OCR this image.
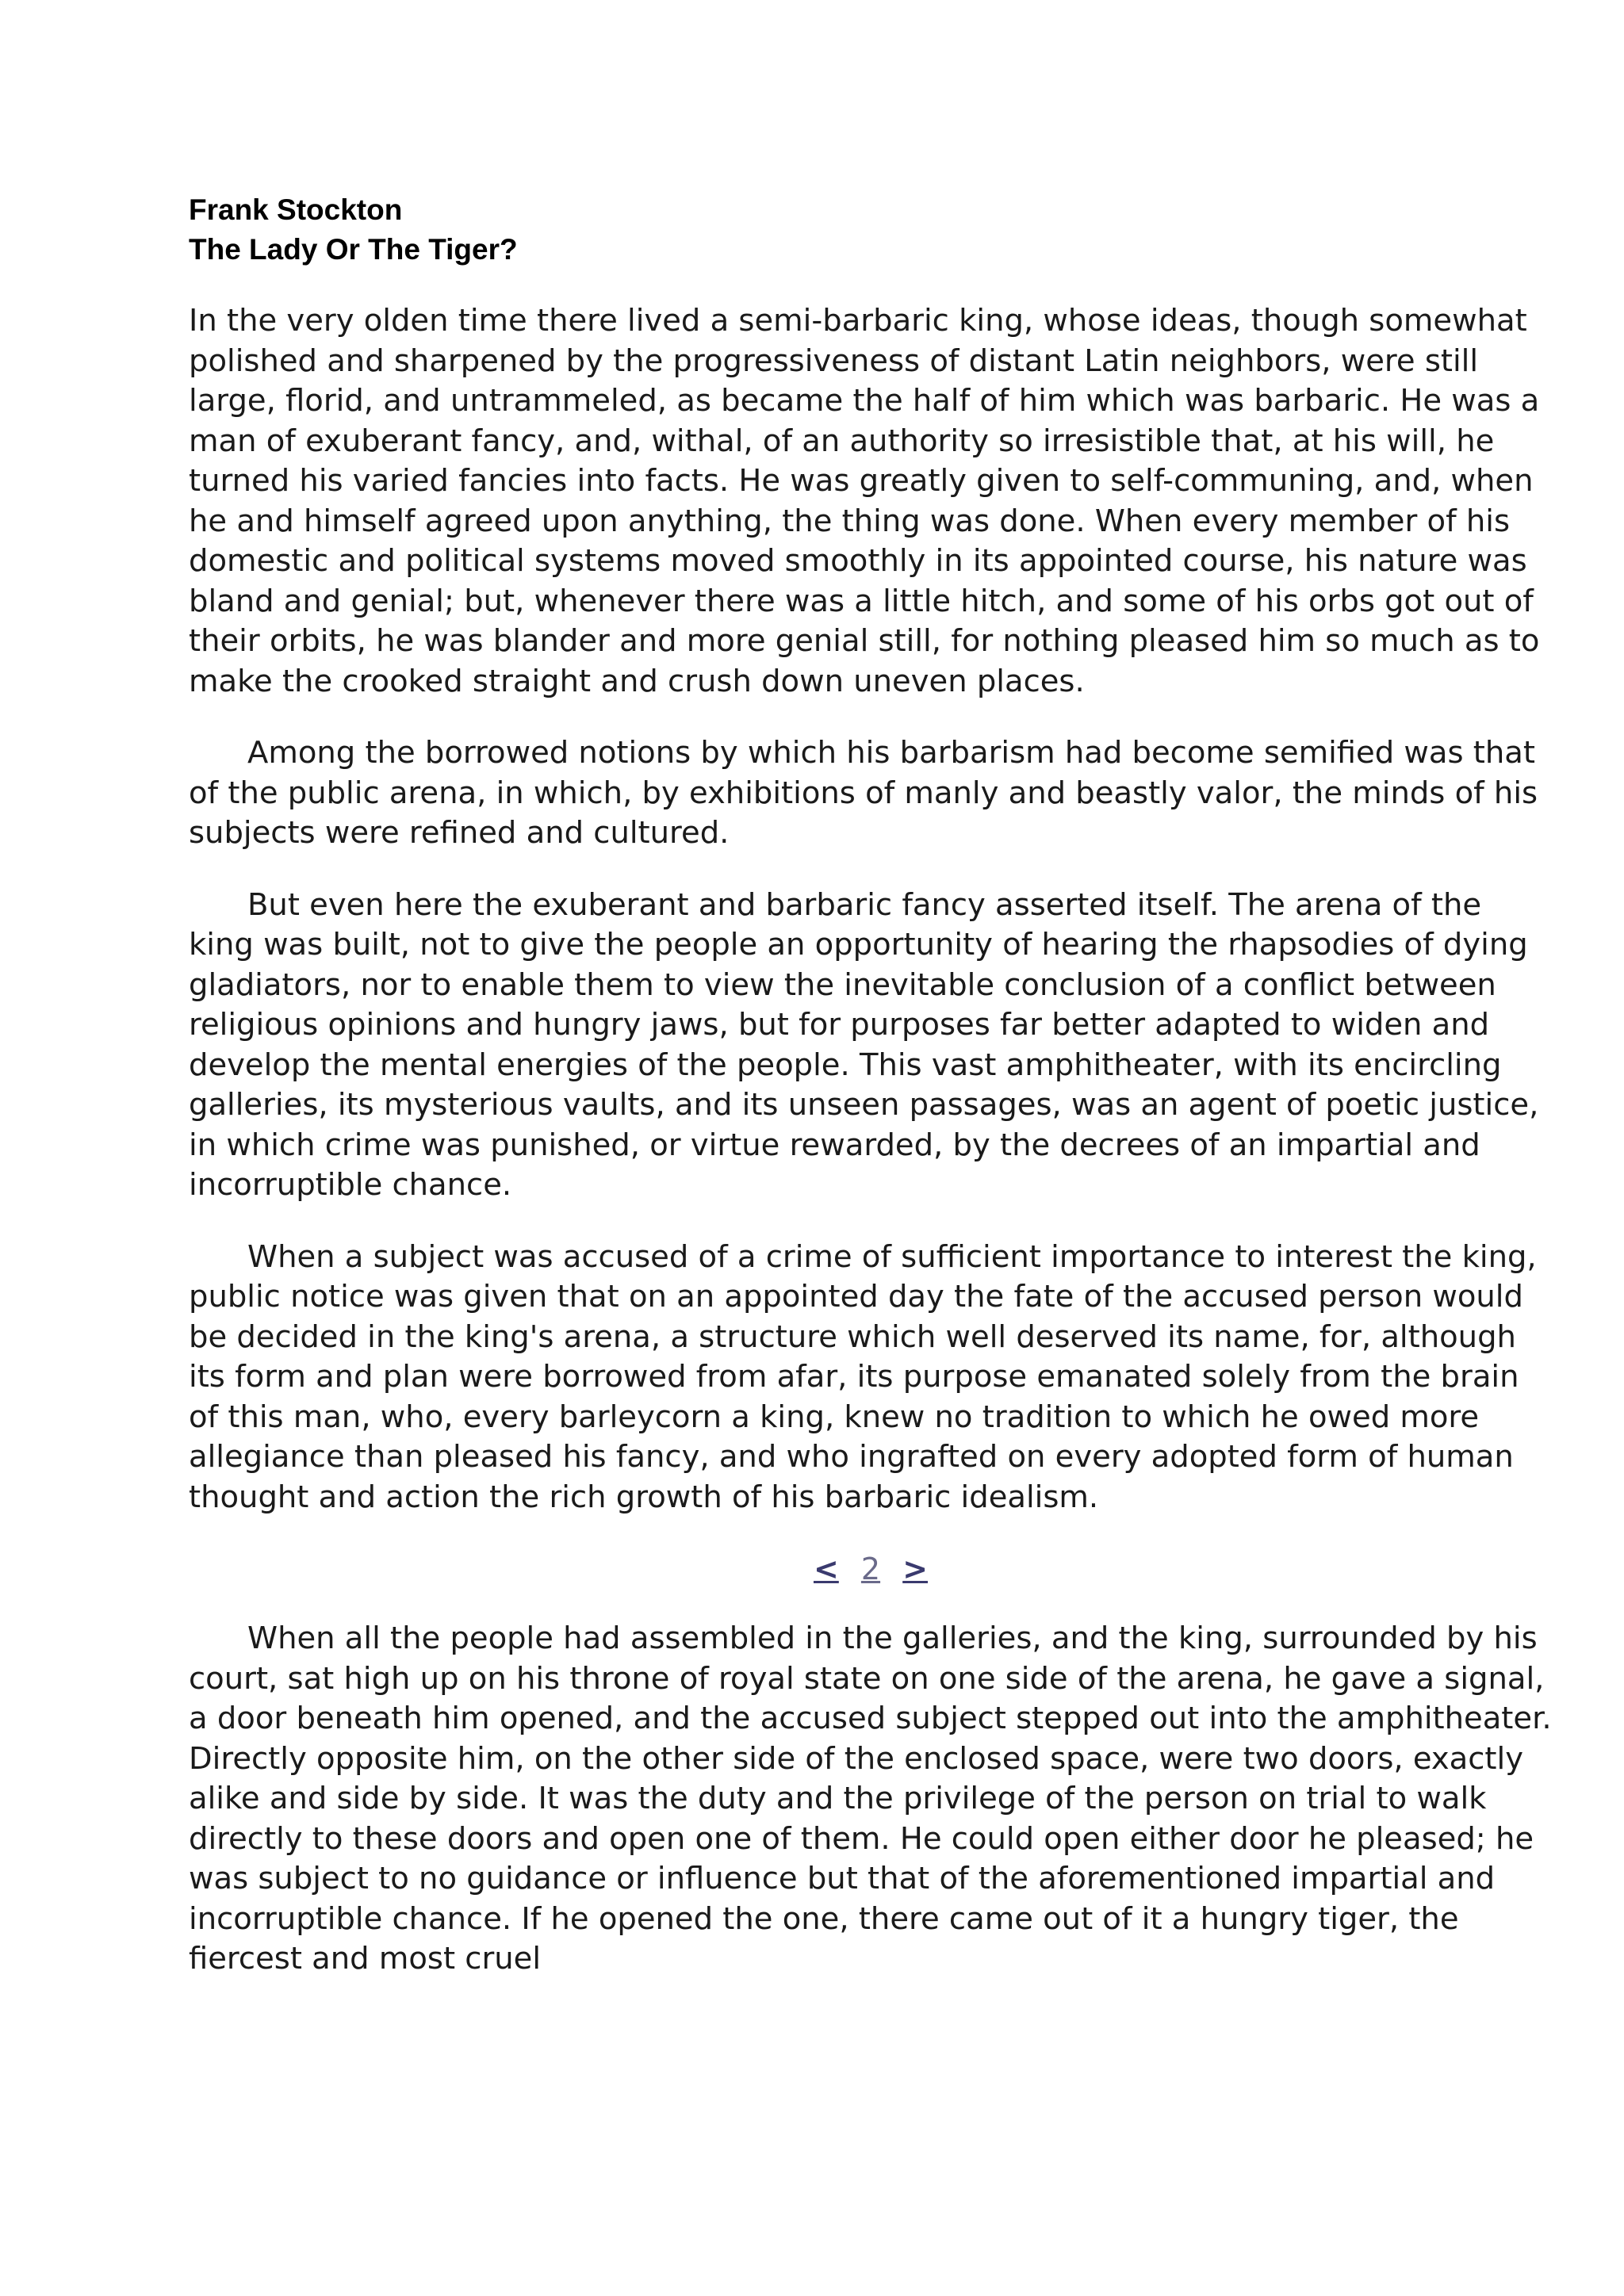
Frank Stockton
The Lady Or The Tiger?

In the very olden time there lived a semi-barbaric king, whose ideas, though somewhat polished and sharpened by the progressiveness of distant Latin neighbors, were still large, florid, and untrammeled, as became the half of him which was barbaric. He was a man of exuberant fancy, and, withal, of an authority so irresistible that, at his will, he turned his varied fancies into facts. He was greatly given to self-communing, and, when he and himself agreed upon anything, the thing was done. When every member of his domestic and political systems moved smoothly in its appointed course, his nature was bland and genial; but, whenever there was a little hitch, and some of his orbs got out of their orbits, he was blander and more genial still, for nothing pleased him so much as to make the crooked straight and crush down uneven places.

Among the borrowed notions by which his barbarism had become semified was that of the public arena, in which, by exhibitions of manly and beastly valor, the minds of his subjects were refined and cultured.

But even here the exuberant and barbaric fancy asserted itself. The arena of the king was built, not to give the people an opportunity of hearing the rhapsodies of dying gladiators, nor to enable them to view the inevitable conclusion of a conflict between religious opinions and hungry jaws, but for purposes far better adapted to widen and develop the mental energies of the people. This vast amphitheater, with its encircling galleries, its mysterious vaults, and its unseen passages, was an agent of poetic justice, in which crime was punished, or virtue rewarded, by the decrees of an impartial and incorruptible chance.

When a subject was accused of a crime of sufficient importance to interest the king, public notice was given that on an appointed day the fate of the accused person would be decided in the king's arena, a structure which well deserved its name, for, although its form and plan were borrowed from afar, its purpose emanated solely from the brain of this man, who, every barleycorn a king, knew no tradition to which he owed more allegiance than pleased his fancy, and who ingrafted on every adopted form of human thought and action the rich growth of his barbaric idealism.

< 2 >

When all the people had assembled in the galleries, and the king, surrounded by his court, sat high up on his throne of royal state on one side of the arena, he gave a signal, a door beneath him opened, and the accused subject stepped out into the amphitheater. Directly opposite him, on the other side of the enclosed space, were two doors, exactly alike and side by side. It was the duty and the privilege of the person on trial to walk directly to these doors and open one of them. He could open either door he pleased; he was subject to no guidance or influence but that of the aforementioned impartial and incorruptible chance. If he opened the one, there came out of it a hungry tiger, the fiercest and most cruel
